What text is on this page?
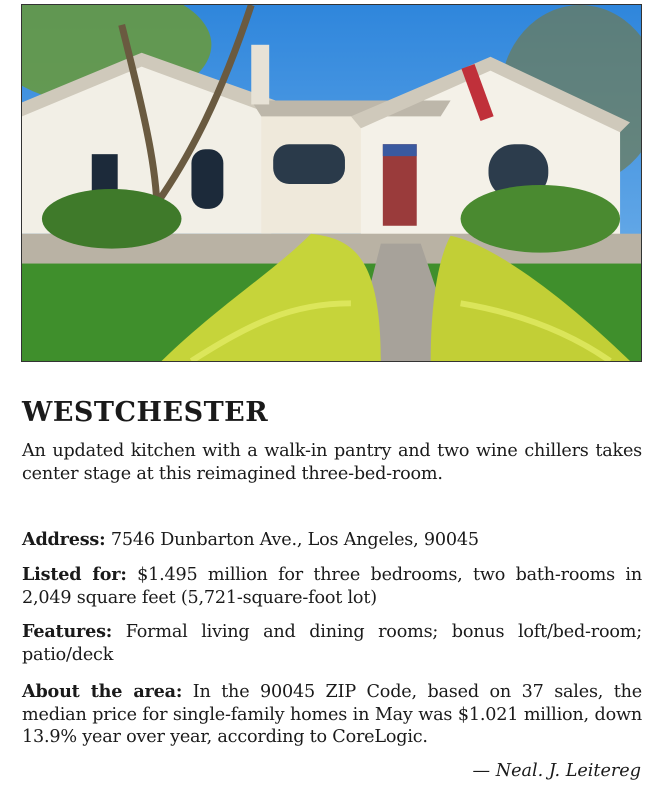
WESTCHESTER

An updated kitchen with a walk-in pantry and two wine chillers takes center stage at this reimagined three-bed-room.

Address: 7546 Dunbarton Ave., Los Angeles, 90045

Listed for: $1.495 million for three bedrooms, two bath-rooms in 2,049 square feet (5,721-square-foot lot)

Features: Formal living and dining rooms; bonus loft/bed-room; patio/deck

About the area: In the 90045 ZIP Code, based on 37 sales, the median price for single-family homes in May was $1.021 million, down 13.9% year over year, according to CoreLogic.

— Neal. J. Leitereg
